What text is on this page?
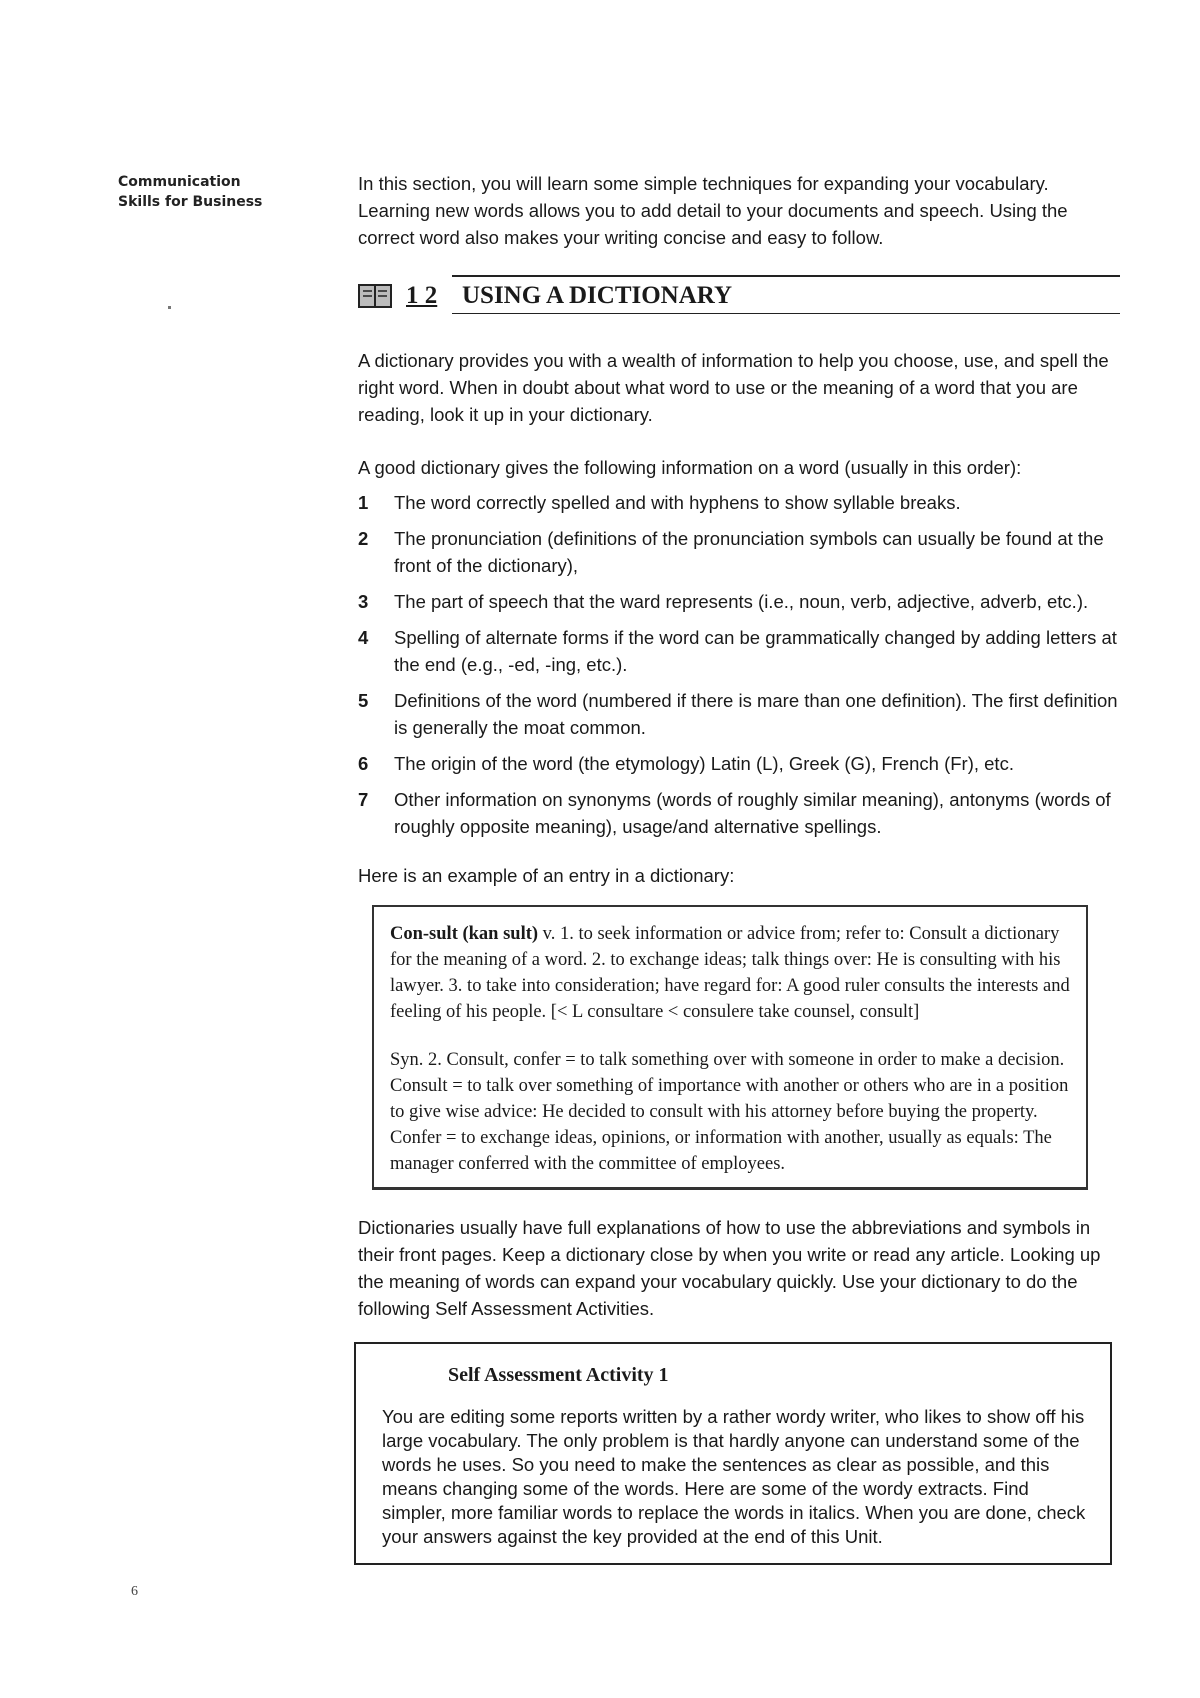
Communication
Skills for Business

In this section, you will learn some simple techniques for expanding your vocabulary. Learning new words allows you to add detail to your documents and speech. Using the correct word also makes your writing concise and easy to follow.

1 2 USING A DICTIONARY

A dictionary provides you with a wealth of information to help you choose, use, and spell the right word. When in doubt about what word to use or the meaning of a word that you are reading, look it up in your dictionary.

A good dictionary gives the following information on a word (usually in this order):

1	The word correctly spelled and with hyphens to show syllable breaks.
2	The pronunciation (definitions of the pronunciation symbols can usually be found at the front of the dictionary),
3	The part of speech that the ward represents (i.e., noun, verb, adjective, adverb, etc.).
4	Spelling of alternate forms if the word can be grammatically changed by adding letters at the end (e.g., -ed, -ing, etc.).
5	Definitions of the word (numbered if there is mare than one definition). The first definition is generally the moat common.
6	The origin of the word (the etymology) Latin (L), Greek (G), French (Fr), etc.
7	Other information on synonyms (words of roughly similar meaning), antonyms (words of roughly opposite meaning), usage/and alternative spellings.

Here is an example of an entry in a dictionary:

Con-sult (kan sult) v. 1. to seek information or advice from; refer to: Consult a dictionary for the meaning of a word. 2. to exchange ideas; talk things over: He is consulting with his lawyer. 3. to take into consideration; have regard for: A good ruler consults the interests and feeling of his people. [< L consultare < consulere take counsel, consult]

Syn. 2. Consult, confer = to talk something over with someone in order to make a decision. Consult = to talk over something of importance with another or others who are in a position to give wise advice: He decided to consult with his attorney before buying the property. Confer = to exchange ideas, opinions, or information with another, usually as equals: The manager conferred with the committee of employees.

Dictionaries usually have full explanations of how to use the abbreviations and symbols in their front pages. Keep a dictionary close by when you write or read any article. Looking up the meaning of words can expand your vocabulary quickly. Use your dictionary to do the following Self Assessment Activities.

Self Assessment Activity 1

You are editing some reports written by a rather wordy writer, who likes to show off his large vocabulary. The only problem is that hardly anyone can understand some of the words he uses. So you need to make the sentences as clear as possible, and this means changing some of the words. Here are some of the wordy extracts. Find simpler, more familiar words to replace the words in italics. When you are done, check your answers against the key provided at the end of this Unit.

6
